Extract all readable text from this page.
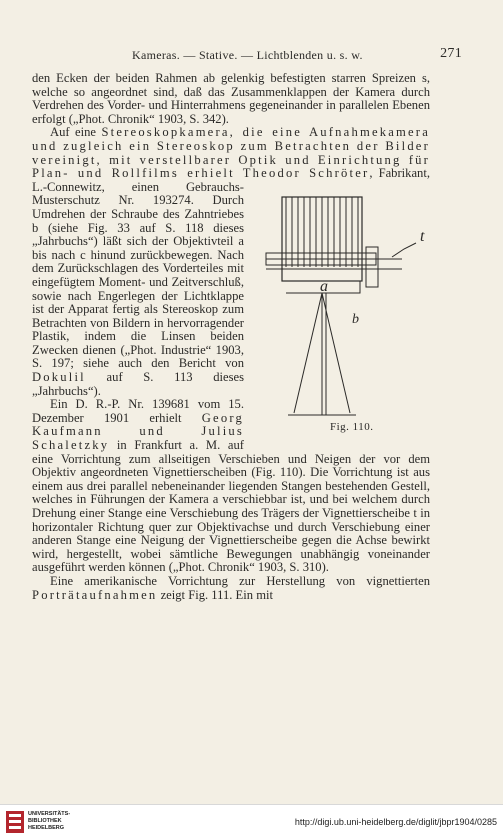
Kameras. — Stative. — Lichtblenden u. s. w.	271

den Ecken der beiden Rahmen ab gelenkig befestigten starren Spreizen s, welche so angeordnet sind, daß das Zusammenklappen der Kamera durch Verdrehen des Vorder- und Hinterrahmens gegeneinander in parallelen Ebenen erfolgt („Phot. Chronik“ 1903, S. 342).

Auf eine Stereoskopkamera, die eine Aufnahmekamera und zugleich ein Stereoskop zum Betrachten der Bilder vereinigt, mit verstellbarer Optik und Einrichtung für Plan- und Rollfilms erhielt Theodor Schröter
a
b
t
Fig. 110.
, Fabrikant, L.-Connewitz, einen Gebrauchs-Musterschutz Nr. 193274. Durch Umdrehen der Schraube des Zahntriebes b (siehe Fig. 33 auf S. 118 dieses „Jahrbuchs“) läßt sich der Objektivteil a bis nach c hinund zurückbewegen. Nach dem Zurückschlagen des Vorderteiles mit eingefügtem Moment- und Zeitverschluß, sowie nach Engerlegen der Lichtklappe ist der Apparat fertig als Stereoskop zum Betrachten von Bildern in hervorragender Plastik, indem die Linsen beiden Zwecken dienen („Phot. Industrie“ 1903, S. 197; siehe auch den Bericht von Dokulil auf S. 113 dieses „Jahrbuchs“).

Ein D. R.-P. Nr. 139681 vom 15. Dezember 1901 erhielt Georg Kaufmann und Julius Schaletzky in Frankfurt a. M. auf eine Vorrichtung zum allseitigen Verschieben und Neigen der vor dem Objektiv angeordneten Vignettierscheiben (Fig. 110). Die Vorrichtung ist aus einem aus drei parallel nebeneinander liegenden Stangen bestehenden Gestell, welches in Führungen der Kamera a verschiebbar ist, und bei welchem durch Drehung einer Stange eine Verschiebung des Trägers der Vignettierscheibe t in horizontaler Richtung quer zur Objektivachse und durch Verschiebung einer anderen Stange eine Neigung der Vignettierscheibe gegen die Achse bewirkt wird, hergestellt, wobei sämtliche Bewegungen unabhängig voneinander ausgeführt werden können („Phot. Chronik“ 1903, S. 310).

Eine amerikanische Vorrichtung zur Herstellung von vignettierten Porträtaufnahmen zeigt Fig. 111. Ein mit

UNIVERSITÄTS-
BIBLIOTHEK
HEIDELBERG
http://digi.ub.uni-heidelberg.de/diglit/jbpr1904/0285
